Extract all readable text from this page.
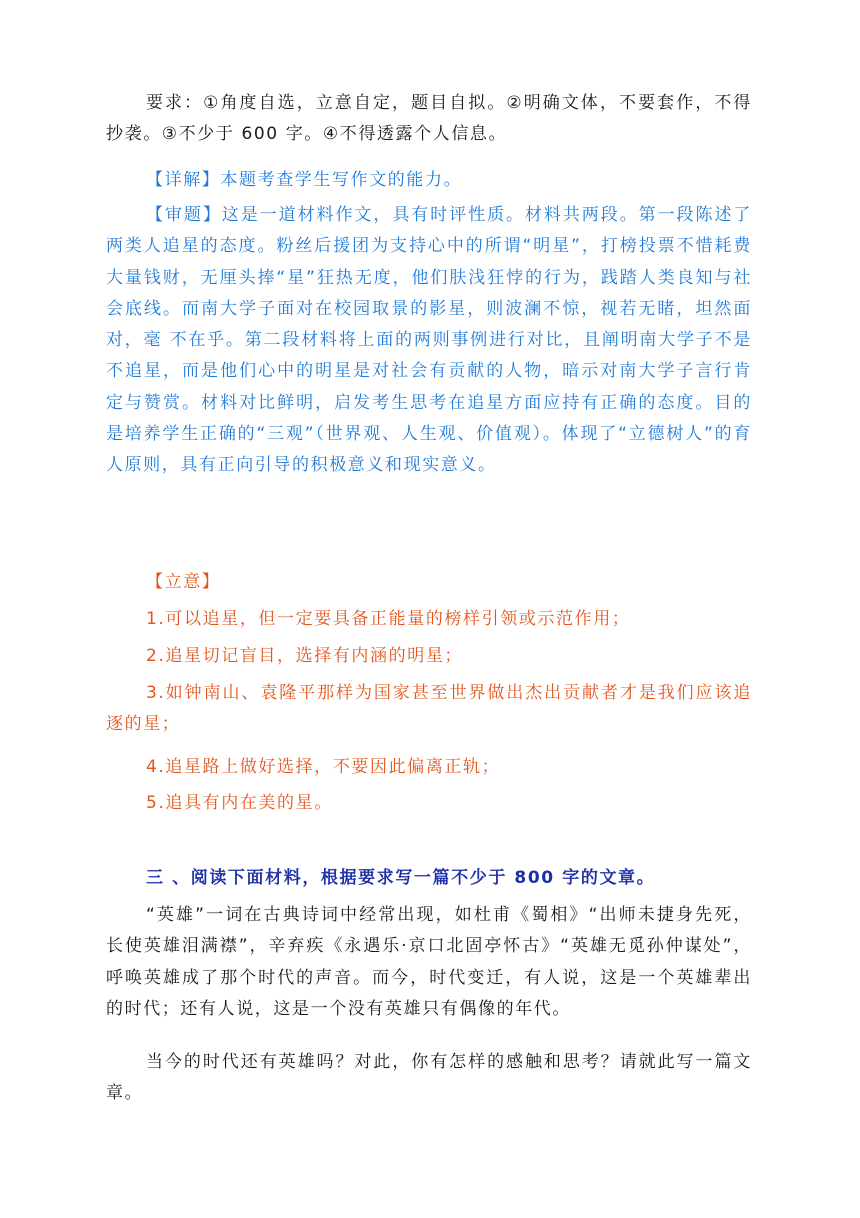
要求：①角度自选，立意自定，题目自拟。②明确文体，不要套作，不得抄袭。③不少于 600 字。④不得透露个人信息。

【详解】本题考查学生写作文的能力。

【审题】这是一道材料作文，具有时评性质。材料共两段。第一段陈述了两类人追星的态度。粉丝后援团为支持心中的所谓“明星”，打榜投票不惜耗费大量钱财，无厘头捧“星”狂热无度，他们肤浅狂悖的行为，践踏人类良知与社会底线。而南大学子面对在校园取景的影星，则波澜不惊，视若无睹，坦然面对，毫 不在乎。第二段材料将上面的两则事例进行对比，且阐明南大学子不是不追星，而是他们心中的明星是对社会有贡献的人物，暗示对南大学子言行肯定与赞赏。材料对比鲜明，启发考生思考在追星方面应持有正确的态度。目的是培养学生正确的“三观”（世界观、人生观、价值观）。体现了“立德树人”的育人原则，具有正向引导的积极意义和现实意义。

【立意】

1.可以追星，但一定要具备正能量的榜样引领或示范作用；

2.追星切记盲目，选择有内涵的明星；

3.如钟南山、袁隆平那样为国家甚至世界做出杰出贡献者才是我们应该追逐的星；

4.追星路上做好选择，不要因此偏离正轨；

5.追具有内在美的星。

三 、阅读下面材料，根据要求写一篇不少于 800 字的文章。

“英雄”一词在古典诗词中经常出现，如杜甫《蜀相》“出师未捷身先死，长使英雄泪满襟”，辛弃疾《永遇乐·京口北固亭怀古》“英雄无觅孙仲谋处”，呼唤英雄成了那个时代的声音。而今，时代变迁，有人说，这是一个英雄辈出的时代；还有人说，这是一个没有英雄只有偶像的年代。

当今的时代还有英雄吗？对此，你有怎样的感触和思考？请就此写一篇文章。
